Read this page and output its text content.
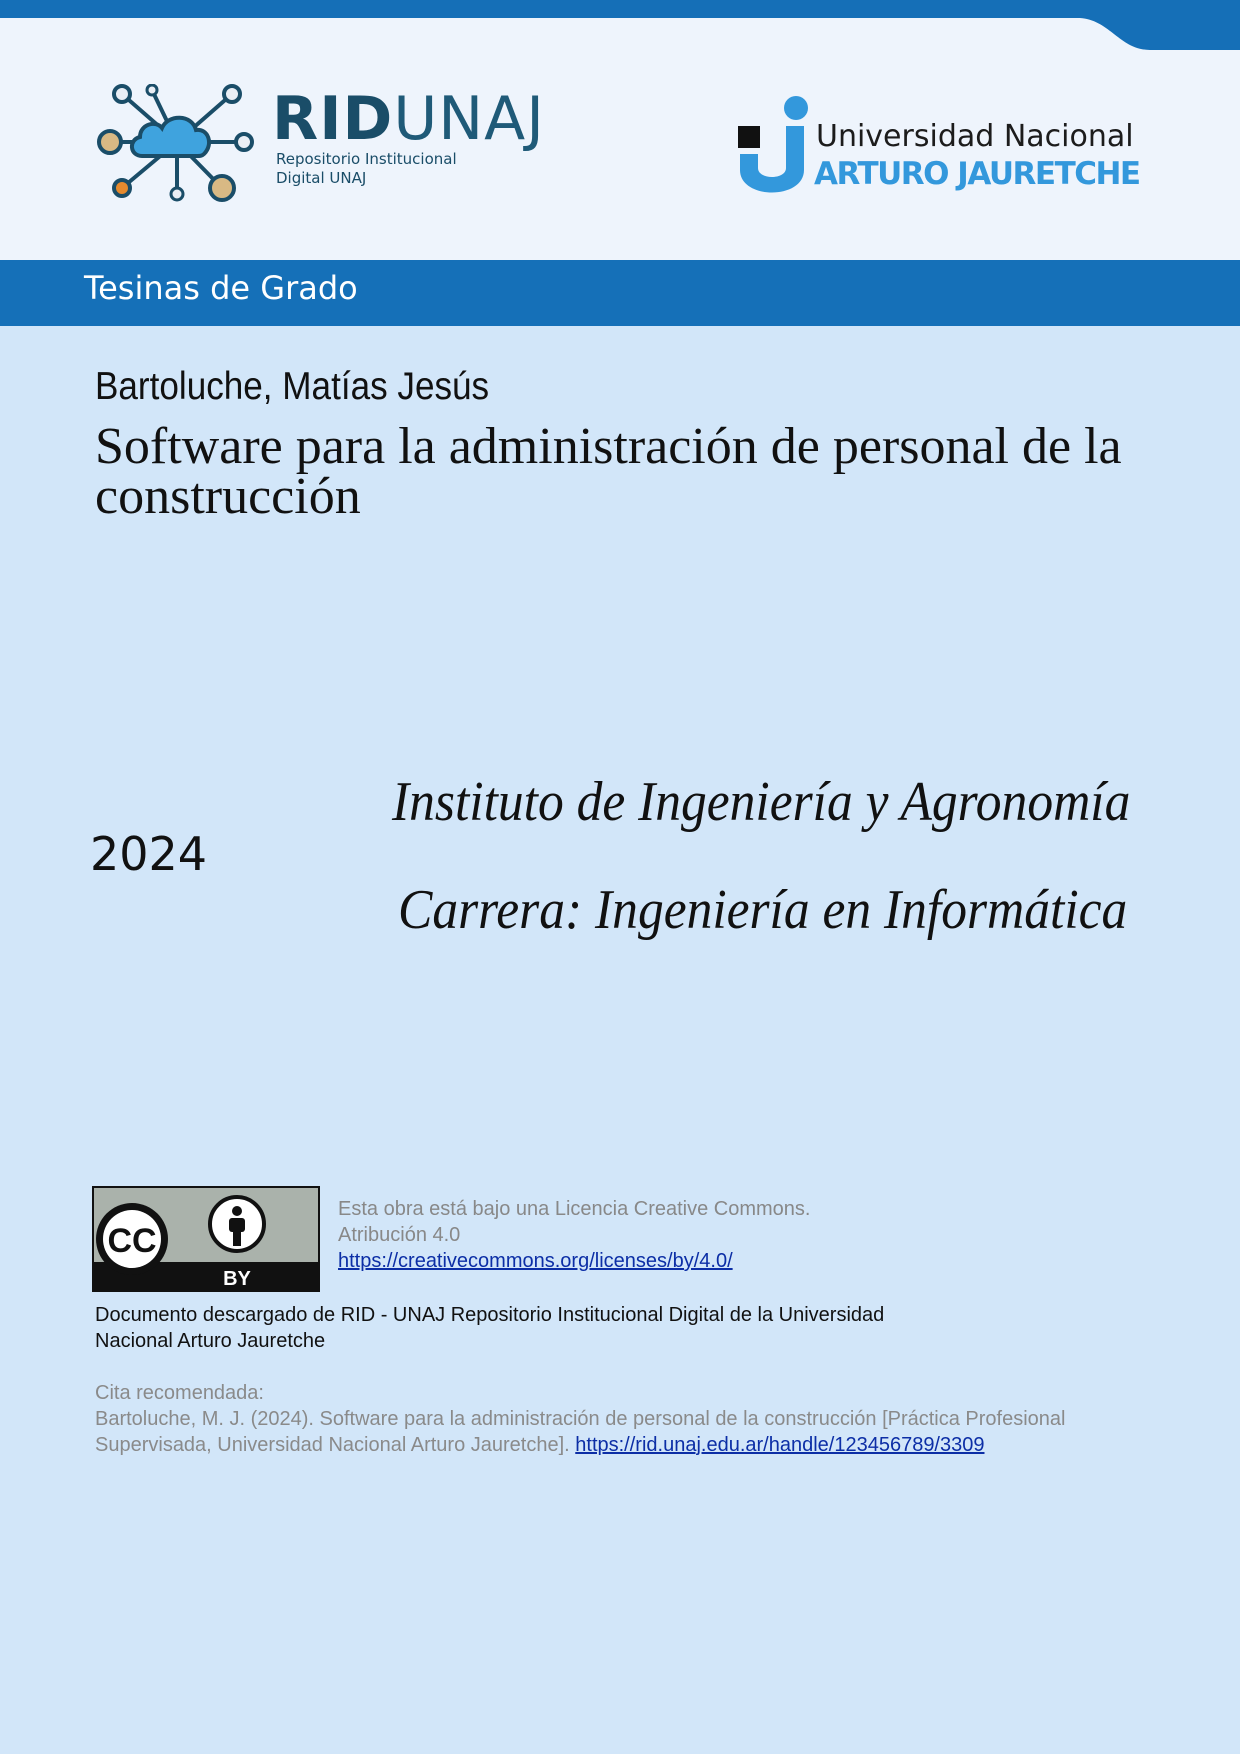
RIDUNAJ
Repositorio Institucional
Digital UNAJ
Universidad Nacional
ARTURO JAURETCHE
Tesinas de Grado
Bartoluche, Matías Jesús
Software para la administración de personal de la construcción
2024
Instituto de Ingeniería y Agronomía
Carrera: Ingeniería en Informática
CC
BY
Esta obra está bajo una Licencia Creative Commons.
Atribución 4.0
https://creativecommons.org/licenses/by/4.0/
Documento descargado de RID - UNAJ Repositorio Institucional Digital de la Universidad
Nacional Arturo Jauretche
Cita recomendada:
Bartoluche, M. J. (2024). Software para la administración de personal de la construcción [Práctica Profesional
Supervisada, Universidad Nacional Arturo Jauretche]. https://rid.unaj.edu.ar/handle/123456789/3309
